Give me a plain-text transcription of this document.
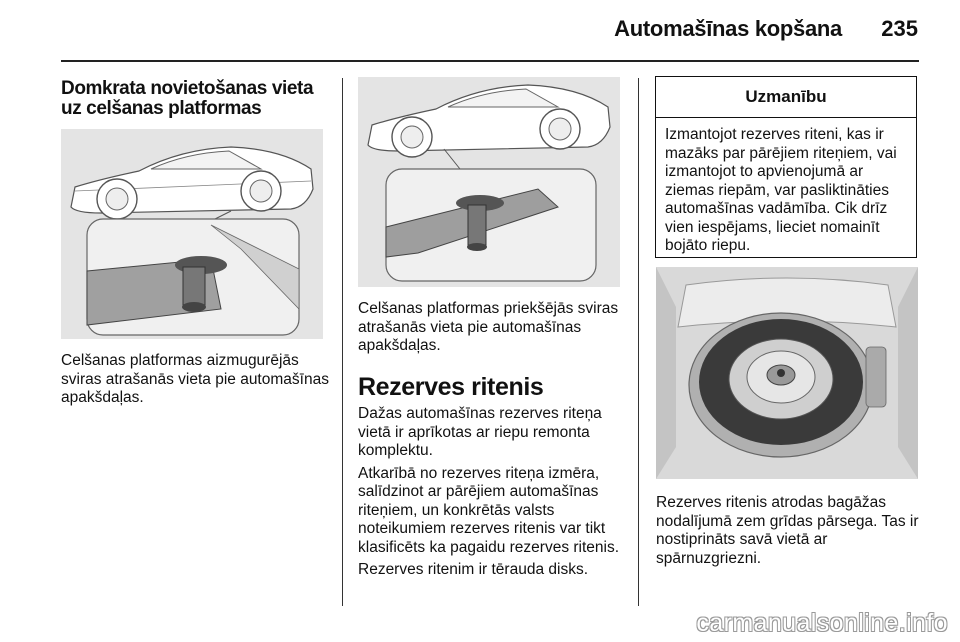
Automašīnas kopšana 235
Domkrata novietošanas vieta uz celšanas platformas
Celšanas platformas aizmugurējās sviras atrašanās vieta pie automašīnas apakšdaļas.
Celšanas platformas priekšējās sviras atrašanās vieta pie automašīnas apakšdaļas.
Rezerves ritenis

Dažas automašīnas rezerves riteņa vietā ir aprīkotas ar riepu remonta komplektu.

Atkarībā no rezerves riteņa izmēra, salīdzinot ar pārējiem automašīnas riteņiem, un konkrētās valsts noteikumiem rezerves ritenis var tikt klasificēts ka pagaidu rezerves ritenis.

Rezerves ritenim ir tērauda disks.

Uzmanību
Izmantojot rezerves riteni, kas ir mazāks par pārējiem riteņiem, vai izmantojot to apvienojumā ar ziemas riepām, var pasliktināties automašīnas vadāmība. Cik drīz vien iespējams, lieciet nomainīt bojāto riepu.
Rezerves ritenis atrodas bagāžas nodalījumā zem grīdas pārsega. Tas ir nostiprināts savā vietā ar spārnuzgriezni.
carmanualsonline.info
